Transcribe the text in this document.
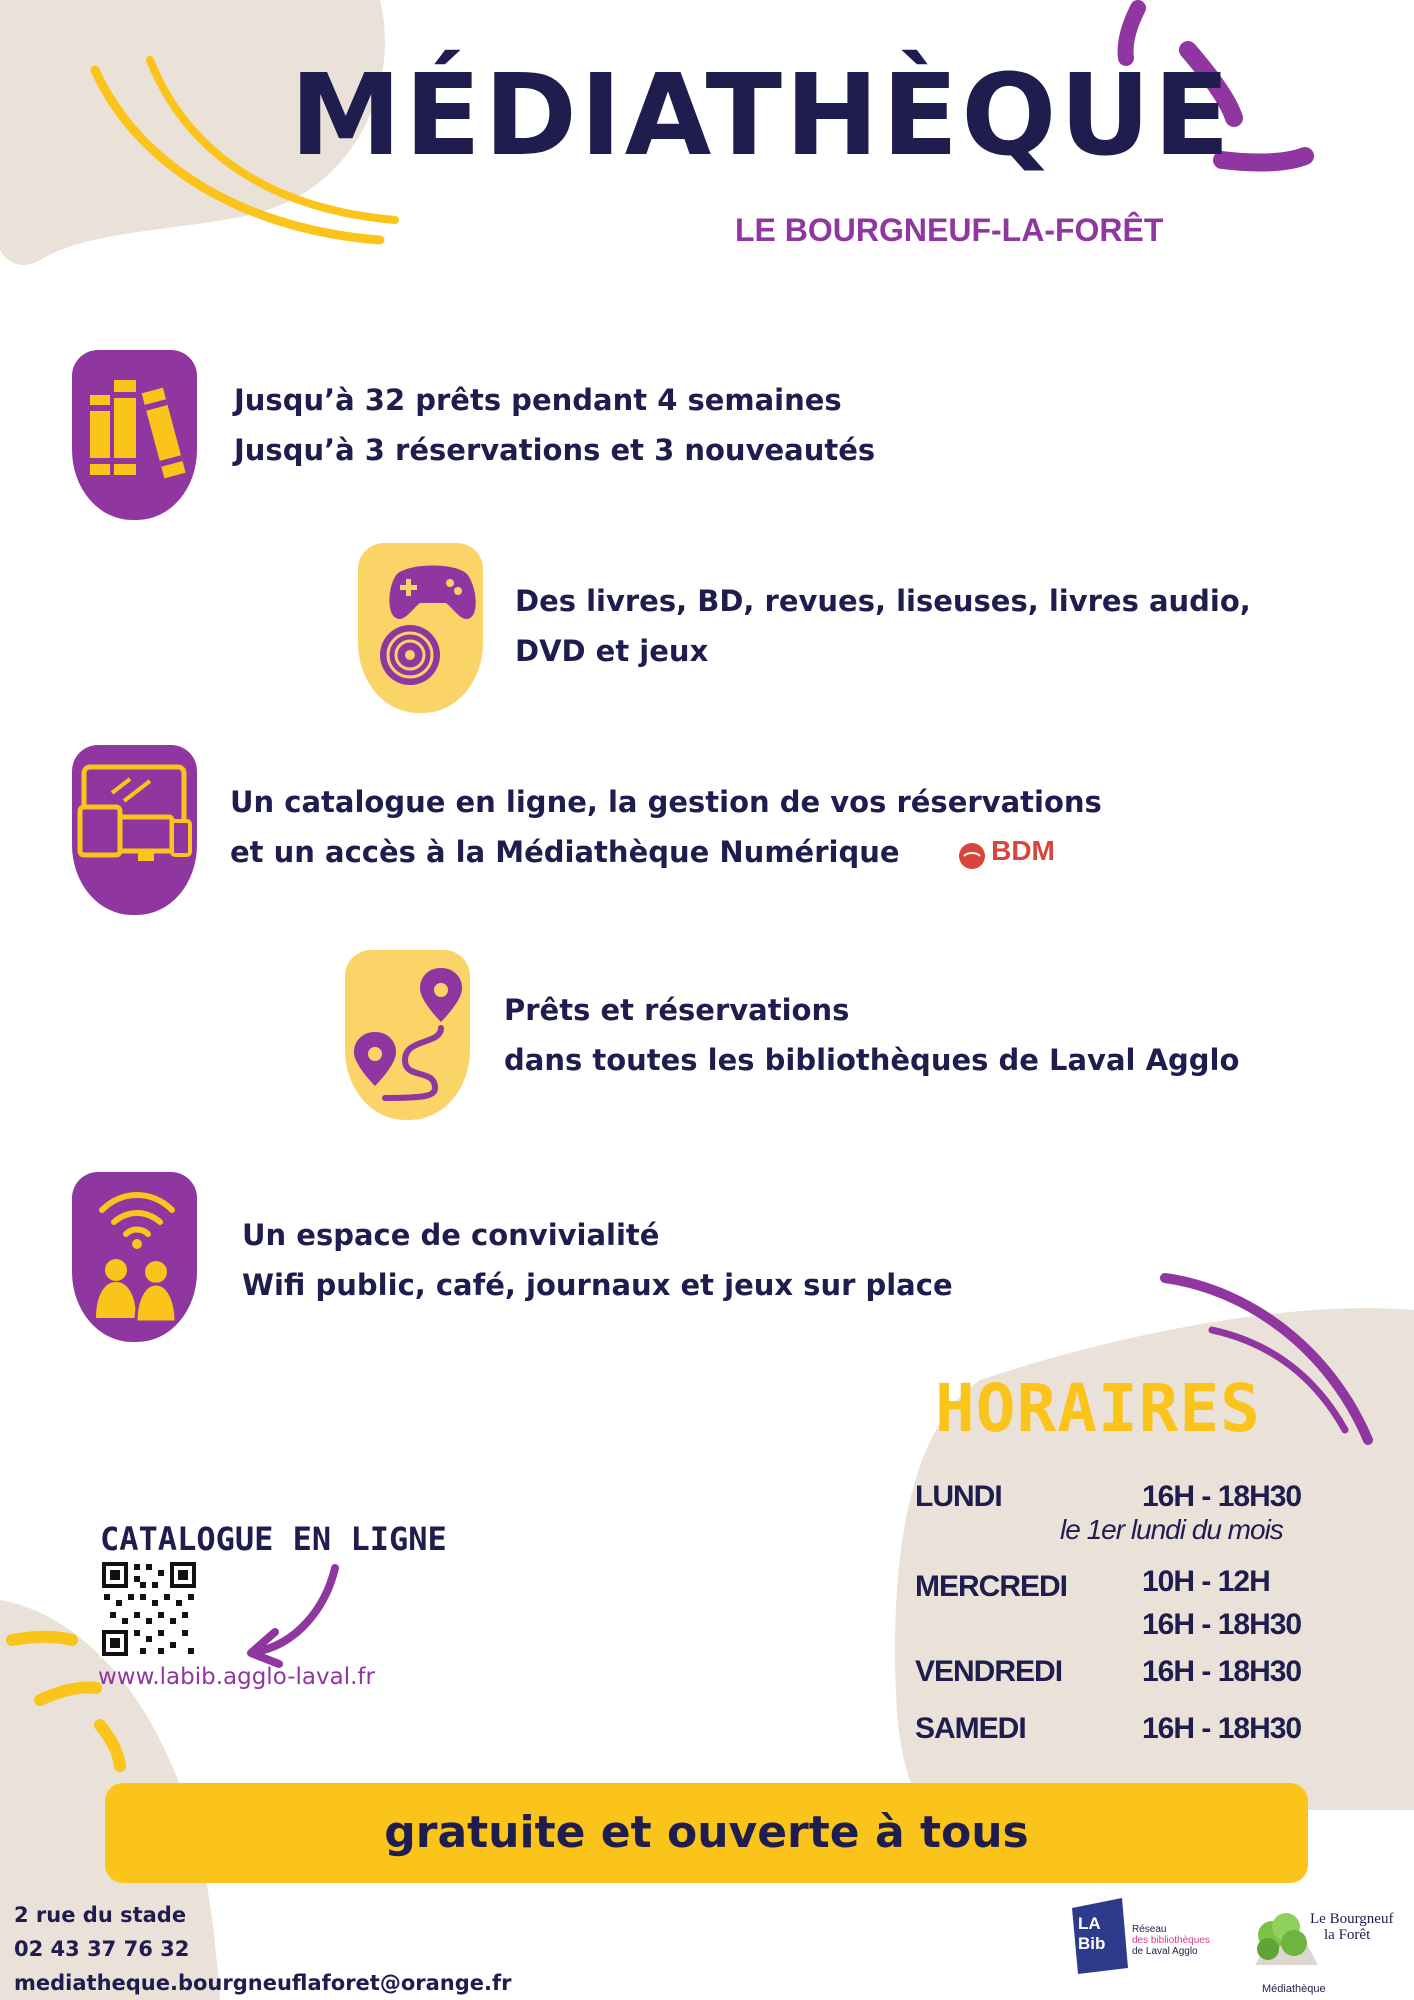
MÉDIATHÈQUE
LE BOURGNEUF-LA-FORÊT
Jusqu’à 32 prêts pendant 4 semaines
Jusqu’à 3 réservations et 3 nouveautés
Des livres, BD, revues, liseuses, livres audio,
DVD et jeux
Un catalogue en ligne, la gestion de vos réservations
et un accès à la Médiathèque Numérique	BDM
Prêts et réservations
dans toutes les bibliothèques de Laval Agglo
Un espace de convivialité
Wifi public, café, journaux et jeux sur place
HORAIRES
LUNDI	16H - 18H30
le 1er lundi du mois
MERCREDI 10H - 12H
16H - 18H30
VENDREDI	16H - 18H30
SAMEDI	16H - 18H30
CATALOGUE EN LIGNE
www.labib.agglo-laval.fr
gratuite et ouverte à tous
2 rue du stade
02 43 37 76 32
mediatheque.bourgneuflaforet@orange.fr
LA Bib
Réseau
des bibliothèques
de Laval Agglo
Le Bourgneuf
la Forêt
Médiathèque
